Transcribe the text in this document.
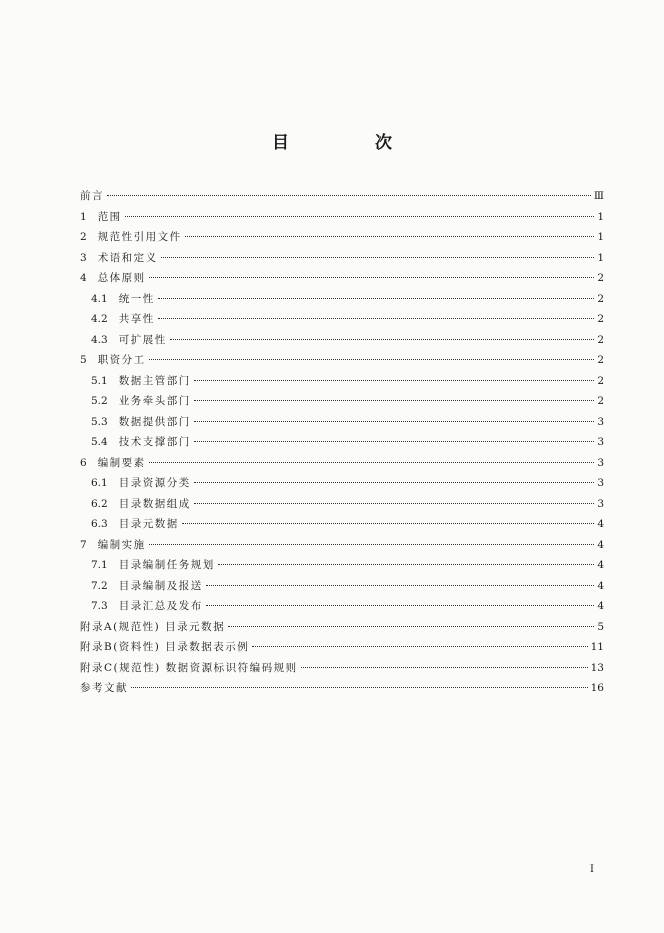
目 次
前言	Ⅲ
1 范围	1
2 规范性引用文件	1
3 术语和定义	1
4 总体原则	2
4.1 统一性	2
4.2 共享性	2
4.3 可扩展性	2
5 职资分工	2
5.1 数据主管部门	2
5.2 业务牵头部门	2
5.3 数据提供部门	3
5.4 技术支撑部门	3
6 编制要素	3
6.1 目录资源分类	3
6.2 目录数据组成	3
6.3 目录元数据	4
7 编制实施	4
7.1 目录编制任务规划	4
7.2 目录编制及报送	4
7.3 目录汇总及发布	4
附录A(规范性) 目录元数据	5
附录B(资料性) 目录数据表示例	11
附录C(规范性) 数据资源标识符编码规则	13
参考文献	16
I
